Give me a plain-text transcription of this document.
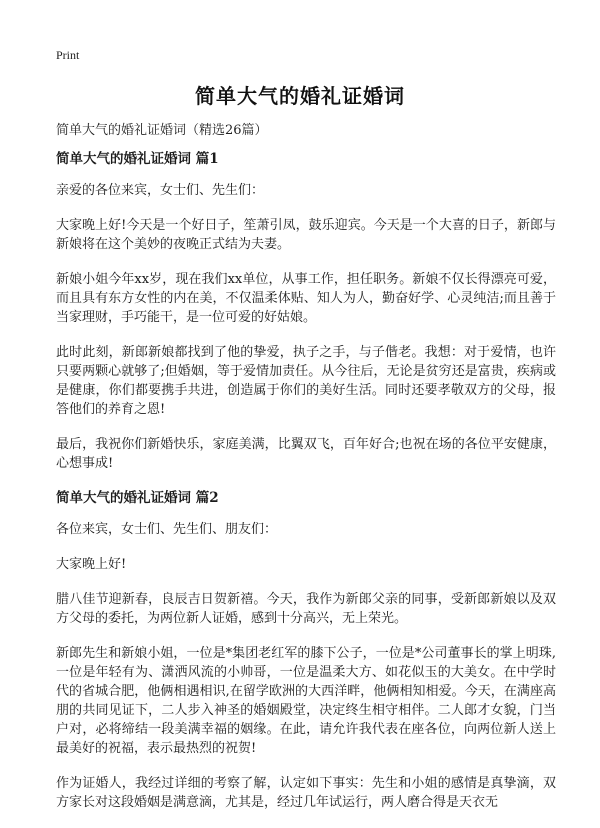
Print
简单大气的婚礼证婚词
简单大气的婚礼证婚词（精选26篇）
简单大气的婚礼证婚词 篇1

亲爱的各位来宾，女士们、先生们：

大家晚上好!今天是一个好日子，笙萧引凤，鼓乐迎宾。今天是一个大喜的日子，新郎与新娘将在这个美妙的夜晚正式结为夫妻。

新娘小姐今年xx岁，现在我们xx单位，从事工作，担任职务。新娘不仅长得漂亮可爱，而且具有东方女性的内在美，不仅温柔体贴、知人为人，勤奋好学、心灵纯洁;而且善于当家理财，手巧能干，是一位可爱的好姑娘。

此时此刻，新郎新娘都找到了他的挚爱，执子之手，与子偕老。我想：对于爱情，也许只要两颗心就够了;但婚姻，等于爱情加责任。从今往后，无论是贫穷还是富贵，疾病或是健康，你们都要携手共进，创造属于你们的美好生活。同时还要孝敬双方的父母，报答他们的养育之恩!

最后，我祝你们新婚快乐，家庭美满，比翼双飞，百年好合;也祝在场的各位平安健康，心想事成!

简单大气的婚礼证婚词 篇2

各位来宾，女士们、先生们、朋友们：

大家晚上好!

腊八佳节迎新春，良辰吉日贺新禧。今天，我作为新郎父亲的同事，受新郎新娘以及双方父母的委托，为两位新人证婚，感到十分高兴，无上荣光。

新郎先生和新娘小姐，一位是*集团老红军的膝下公子，一位是*公司董事长的掌上明珠,一位是年轻有为、潇洒风流的小帅哥，一位是温柔大方、如花似玉的大美女。在中学时代的省城合肥，他俩相遇相识,在留学欧洲的大西洋畔，他俩相知相爱。今天，在满座高朋的共同见证下，二人步入神圣的婚姻殿堂，决定终生相守相伴。二人郎才女貌，门当户对，必将缔结一段美满幸福的姻缘。在此，请允许我代表在座各位，向两位新人送上最美好的祝福，表示最热烈的祝贺!

作为证婚人，我经过详细的考察了解，认定如下事实：先生和小姐的感情是真挚滴，双方家长对这段婚姻是满意滴，尤其是，经过几年试运行，两人磨合得是天衣无
